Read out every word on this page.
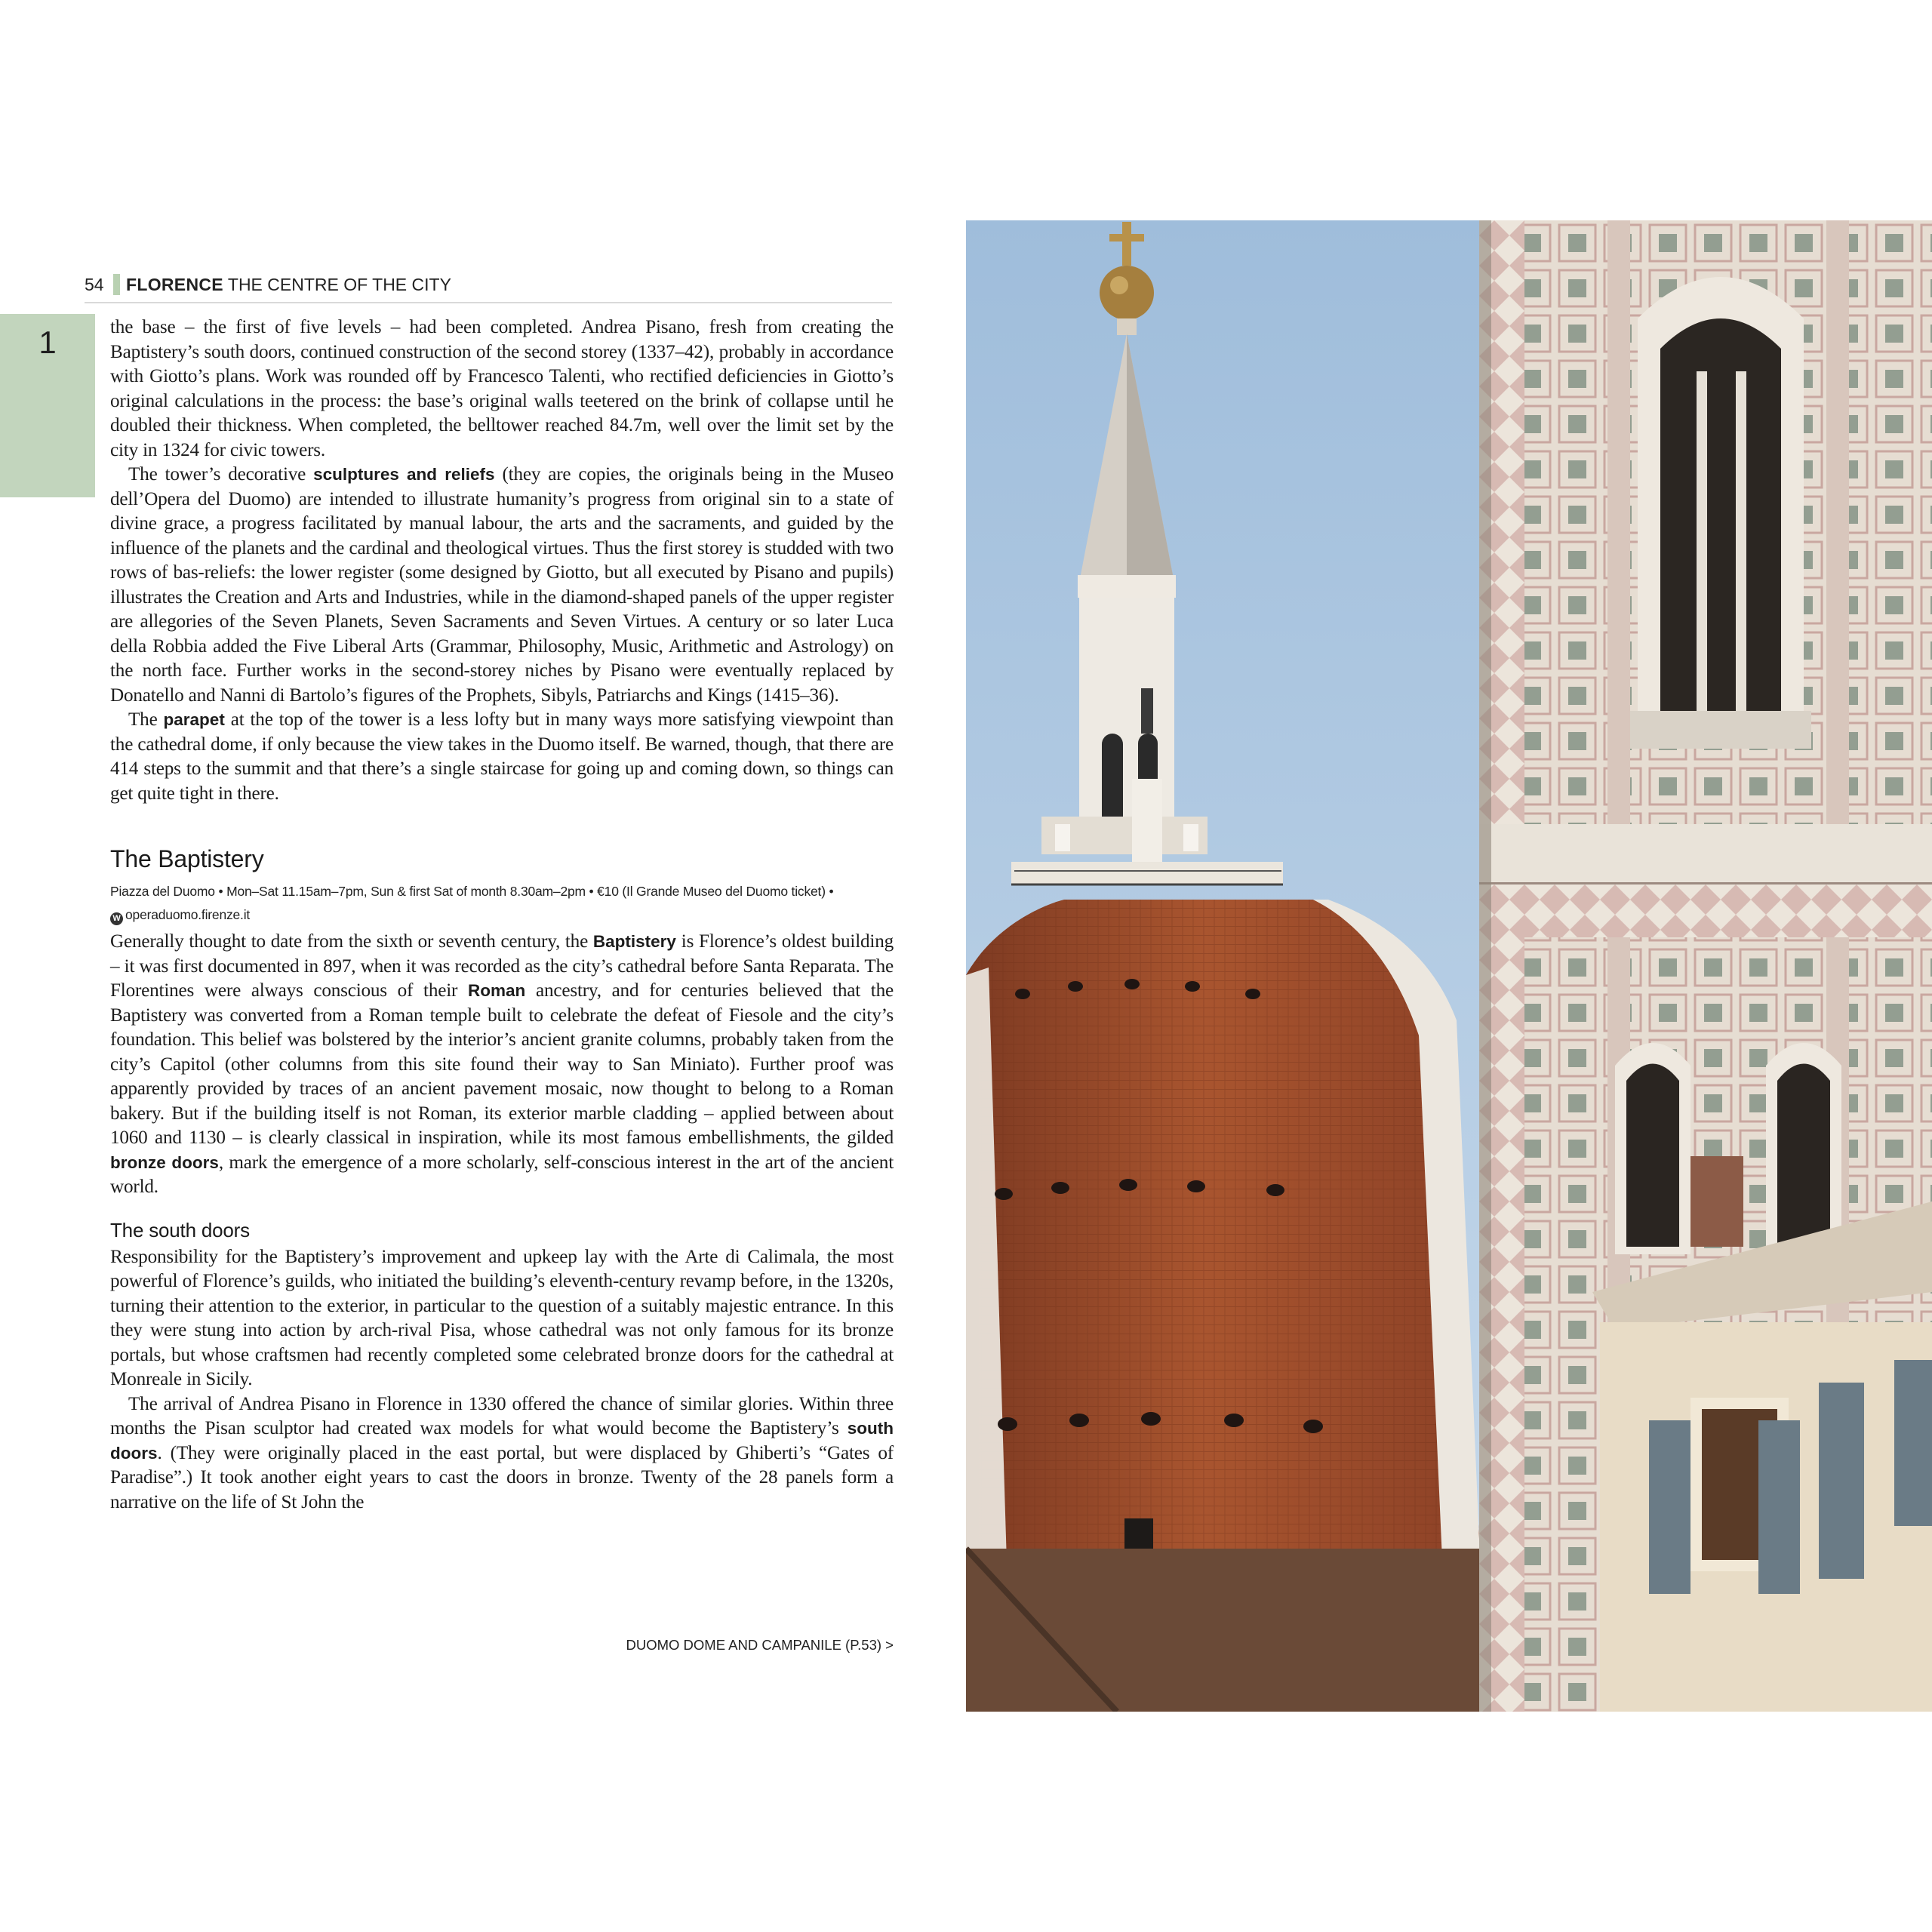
54 FLORENCE THE CENTRE OF THE CITY
1	the base – the first of five levels – had been completed. Andrea Pisano, fresh from creating the Baptistery’s south doors, continued construction of the second storey (1337–42), probably in accordance with Giotto’s plans. Work was rounded off by Francesco Talenti, who rectified deficiencies in Giotto’s original calculations in the process: the base’s original walls teetered on the brink of collapse until he doubled their thickness. When completed, the belltower reached 84.7m, well over the limit set by the city in 1324 for civic towers.

The tower’s decorative sculptures and reliefs (they are copies, the originals being in the Museo dell’Opera del Duomo) are intended to illustrate humanity’s progress from original sin to a state of divine grace, a progress facilitated by manual labour, the arts and the sacraments, and guided by the influence of the planets and the cardinal and theological virtues. Thus the first storey is studded with two rows of bas-reliefs: the lower register (some designed by Giotto, but all executed by Pisano and pupils) illustrates the Creation and Arts and Industries, while in the diamond-shaped panels of the upper register are allegories of the Seven Planets, Seven Sacraments and Seven Virtues. A century or so later Luca della Robbia added the Five Liberal Arts (Grammar, Philosophy, Music, Arithmetic and Astrology) on the north face. Further works in the second-storey niches by Pisano were eventually replaced by Donatello and Nanni di Bartolo’s figures of the Prophets, Sibyls, Patriarchs and Kings (1415–36).

The parapet at the top of the tower is a less lofty but in many ways more satisfying viewpoint than the cathedral dome, if only because the view takes in the Duomo itself. Be warned, though, that there are 414 steps to the summit and that there’s a single staircase for going up and coming down, so things can get quite tight in there.

The Baptistery
Piazza del Duomo • Mon–Sat 11.15am–7pm, Sun & first Sat of month 8.30am–2pm • €10 (Il Grande Museo del Duomo ticket) •
W operaduomo.firenze.it

Generally thought to date from the sixth or seventh century, the Baptistery is Florence’s oldest building – it was first documented in 897, when it was recorded as the city’s cathedral before Santa Reparata. The Florentines were always conscious of their Roman ancestry, and for centuries believed that the Baptistery was converted from a Roman temple built to celebrate the defeat of Fiesole and the city’s foundation. This belief was bolstered by the interior’s ancient granite columns, probably taken from the city’s Capitol (other columns from this site found their way to San Miniato). Further proof was apparently provided by traces of an ancient pavement mosaic, now thought to belong to a Roman bakery. But if the building itself is not Roman, its exterior marble cladding – applied between about 1060 and 1130 – is clearly classical in inspiration, while its most famous embellishments, the gilded bronze doors, mark the emergence of a more scholarly, self-conscious interest in the art of the ancient world.

The south doors

Responsibility for the Baptistery’s improvement and upkeep lay with the Arte di Calimala, the most powerful of Florence’s guilds, who initiated the building’s eleventh-century revamp before, in the 1320s, turning their attention to the exterior, in particular to the question of a suitably majestic entrance. In this they were stung into action by arch-rival Pisa, whose cathedral was not only famous for its bronze portals, but whose craftsmen had recently completed some celebrated bronze doors for the cathedral at Monreale in Sicily.

The arrival of Andrea Pisano in Florence in 1330 offered the chance of similar glories. Within three months the Pisan sculptor had created wax models for what would become the Baptistery’s south doors. (They were originally placed in the east portal, but were displaced by Ghiberti’s “Gates of Paradise”.) It took another eight years to cast the doors in bronze. Twenty of the 28 panels form a narrative on the life of St John the

DUOMO DOME AND CAMPANILE (P.53) >
